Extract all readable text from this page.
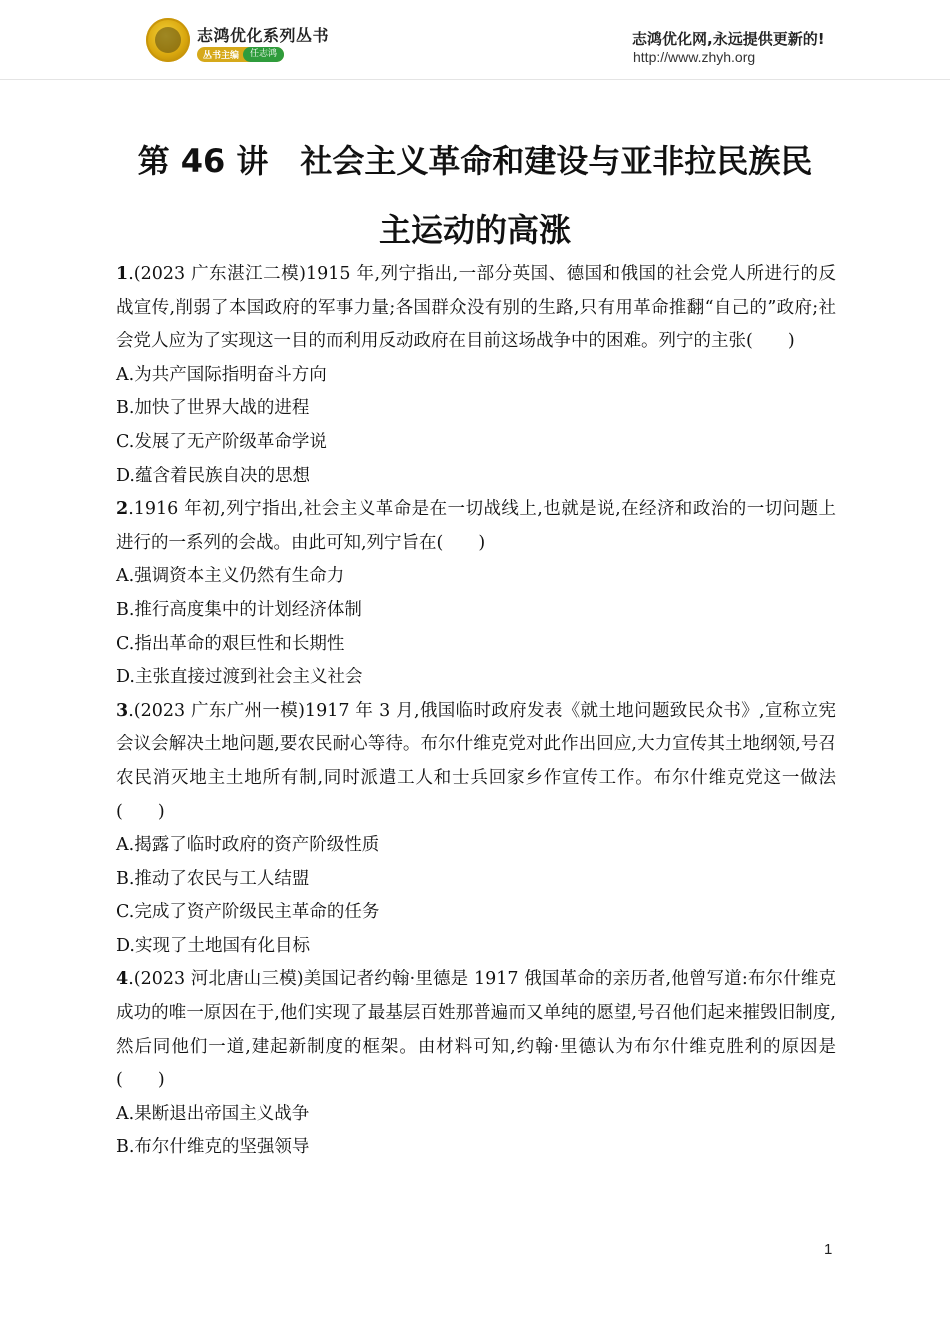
志鸿优化系列丛书
丛书主编	任志鸿
志鸿优化网,永远提供更新的!
http://www.zhyh.org
第 46 讲　社会主义革命和建设与亚非拉民族民
主运动的高涨

1.(2023 广东湛江二模)1915 年,列宁指出,一部分英国、德国和俄国的社会党人所进行的反战宣传,削弱了本国政府的军事力量;各国群众没有别的生路,只有用革命推翻“自己的”政府;社会党人应为了实现这一目的而利用反动政府在目前这场战争中的困难。列宁的主张(　　)

A.为共产国际指明奋斗方向

B.加快了世界大战的进程

C.发展了无产阶级革命学说

D.蕴含着民族自决的思想

2.1916 年初,列宁指出,社会主义革命是在一切战线上,也就是说,在经济和政治的一切问题上进行的一系列的会战。由此可知,列宁旨在(　　)

A.强调资本主义仍然有生命力

B.推行高度集中的计划经济体制

C.指出革命的艰巨性和长期性

D.主张直接过渡到社会主义社会

3.(2023 广东广州一模)1917 年 3 月,俄国临时政府发表《就土地问题致民众书》,宣称立宪会议会解决土地问题,要农民耐心等待。布尔什维克党对此作出回应,大力宣传其土地纲领,号召农民消灭地主土地所有制,同时派遣工人和士兵回家乡作宣传工作。布尔什维克党这一做法(　　)

A.揭露了临时政府的资产阶级性质

B.推动了农民与工人结盟

C.完成了资产阶级民主革命的任务

D.实现了土地国有化目标

4.(2023 河北唐山三模)美国记者约翰·里德是 1917 俄国革命的亲历者,他曾写道:布尔什维克成功的唯一原因在于,他们实现了最基层百姓那普遍而又单纯的愿望,号召他们起来摧毁旧制度,然后同他们一道,建起新制度的框架。由材料可知,约翰·里德认为布尔什维克胜利的原因是(　　)

A.果断退出帝国主义战争

B.布尔什维克的坚强领导

1
